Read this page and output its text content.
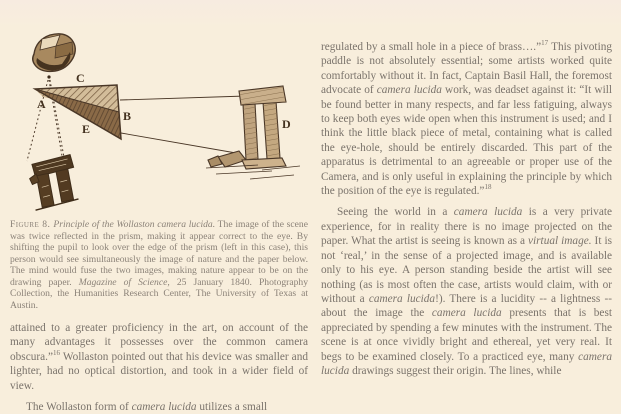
A
B
C
D
E
Figure 8. Principle of the Wollaston camera lucida. The image of the scene was twice reflected in the prism, making it appear correct to the eye. By shifting the pupil to look over the edge of the prism (left in this case), this person would see simultaneously the image of nature and the paper below. The mind would fuse the two images, making nature appear to be on the drawing paper. Magazine of Science, 25 January 1840. Photography Collection, the Humanities Research Center, The University of Texas at Austin.

attained to a greater proficiency in the art, on account of the many advantages it possesses over the common camera obscura.”$^{16}$ Wollaston pointed out that his device was smaller and lighter, had no optical distortion, and took in a wider field of view.

The Wollaston form of camera lucida utilizes a small

regulated by a small hole in a piece of brass….”$^{17}$ This pivoting paddle is not absolutely essential; some artists worked quite comfortably without it. In fact, Captain Basil Hall, the foremost advocate of camera lucida work, was deadset against it: “It will be found better in many respects, and far less fatiguing, always to keep both eyes wide open when this instrument is used; and I think the little black piece of metal, containing what is called the eye-hole, should be entirely discarded. This part of the apparatus is detrimental to an agreeable or proper use of the Camera, and is only useful in explaining the principle by which the position of the eye is regulated.”$^{18}$

Seeing the world in a camera lucida is a very private experience, for in reality there is no image projected on the paper. What the artist is seeing is known as a virtual image. It is not ‘real,’ in the sense of a projected image, and is available only to his eye. A person standing beside the artist will see nothing (as is most often the case, artists would claim, with or without a camera lucida!). There is a lucidity -- a lightness -- about the image the camera lucida presents that is best appreciated by spending a few minutes with the instrument. The scene is at once vividly bright and ethereal, yet very real. It begs to be examined closely. To a practiced eye, many camera lucida drawings suggest their origin. The lines, while
